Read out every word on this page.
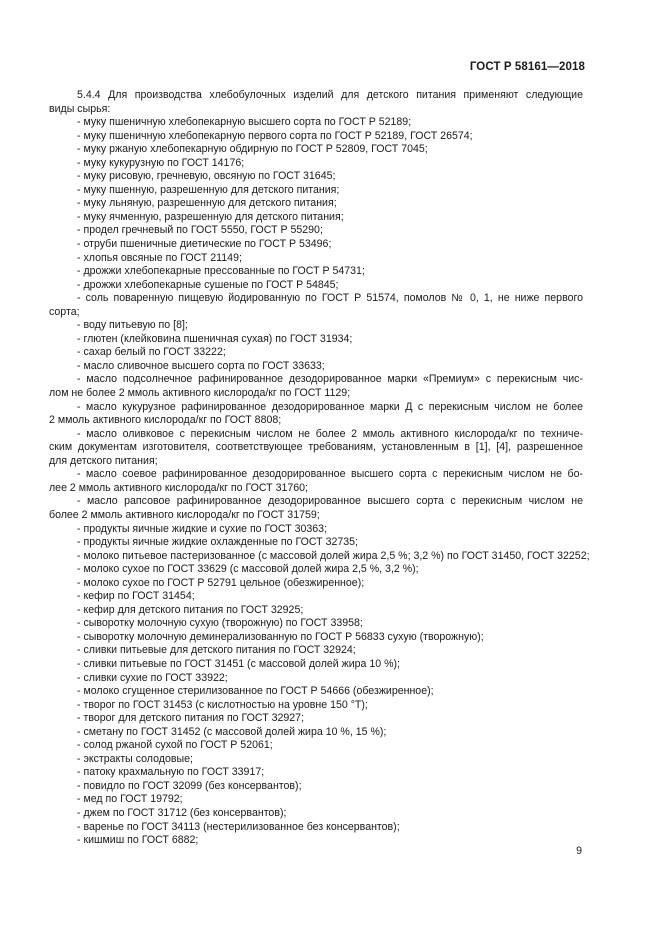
ГОСТ Р 58161—2018
5.4.4 Для производства хлебобулочных изделий для детского питания применяют следующие
виды сырья:
- муку пшеничную хлебопекарную высшего сорта по ГОСТ Р 52189;
- муку пшеничную хлебопекарную первого сорта по ГОСТ Р 52189, ГОСТ 26574;
- муку ржаную хлебопекарную обдирную по ГОСТ Р 52809, ГОСТ 7045;
- муку кукурузную по ГОСТ 14176;
- муку рисовую, гречневую, овсяную по ГОСТ 31645;
- муку пшенную, разрешенную для детского питания;
- муку льняную, разрешенную для детского питания;
- муку ячменную, разрешенную для детского питания;
- продел гречневый по ГОСТ 5550, ГОСТ Р 55290;
- отруби пшеничные диетические по ГОСТ Р 53496;
- хлопья овсяные по ГОСТ 21149;
- дрожжи хлебопекарные прессованные по ГОСТ Р 54731;
- дрожжи хлебопекарные сушеные по ГОСТ Р 54845;
- соль поваренную пищевую йодированную по ГОСТ Р 51574, помолов № 0, 1, не ниже первого
сорта;
- воду питьевую по [8];
- глютен (клейковина пшеничная сухая) по ГОСТ 31934;
- сахар белый по ГОСТ 33222;
- масло сливочное высшего сорта по ГОСТ 33633;
- масло подсолнечное рафинированное дезодорированное марки «Премиум» с перекисным чис-
лом не более 2 ммоль активного кислорода/кг по ГОСТ 1129;
- масло кукурузное рафинированное дезодорированное марки Д с перекисным числом не более
2 ммоль активного кислорода/кг по ГОСТ 8808;
- масло оливковое с перекисным числом не более 2 ммоль активного кислорода/кг по техниче-
ским документам изготовителя, соответствующее требованиям, установленным в [1], [4], разрешенное
для детского питания;
- масло соевое рафинированное дезодорированное высшего сорта с перекисным числом не бо-
лее 2 ммоль активного кислорода/кг по ГОСТ 31760;
- масло рапсовое рафинированное дезодорированное высшего сорта с перекисным числом не
более 2 ммоль активного кислорода/кг по ГОСТ 31759;
- продукты яичные жидкие и сухие по ГОСТ 30363;
- продукты яичные жидкие охлажденные по ГОСТ 32735;
- молоко питьевое пастеризованное (с массовой долей жира 2,5 %; 3,2 %) по ГОСТ 31450, ГОСТ 32252;
- молоко сухое по ГОСТ 33629 (с массовой долей жира 2,5 %, 3,2 %);
- молоко сухое по ГОСТ Р 52791 цельное (обезжиренное);
- кефир по ГОСТ 31454;
- кефир для детского питания по ГОСТ 32925;
- сыворотку молочную сухую (творожную) по ГОСТ 33958;
- сыворотку молочную деминерализованную по ГОСТ Р 56833 сухую (творожную);
- сливки питьевые для детского питания по ГОСТ 32924;
- сливки питьевые по ГОСТ 31451 (с массовой долей жира 10 %);
- сливки сухие по ГОСТ 33922;
- молоко сгущенное стерилизованное по ГОСТ Р 54666 (обезжиренное);
- творог по ГОСТ 31453 (с кислотностью на уровне 150 °Т);
- творог для детского питания по ГОСТ 32927;
- сметану по ГОСТ 31452 (с массовой долей жира 10 %, 15 %);
- солод ржаной сухой по ГОСТ Р 52061;
- экстракты солодовые;
- патоку крахмальную по ГОСТ 33917;
- повидло по ГОСТ 32099 (без консервантов);
- мед по ГОСТ 19792;
- джем по ГОСТ 31712 (без консервантов);
- варенье по ГОСТ 34113 (нестерилизованное без консервантов);
- кишмиш по ГОСТ 6882;
9
